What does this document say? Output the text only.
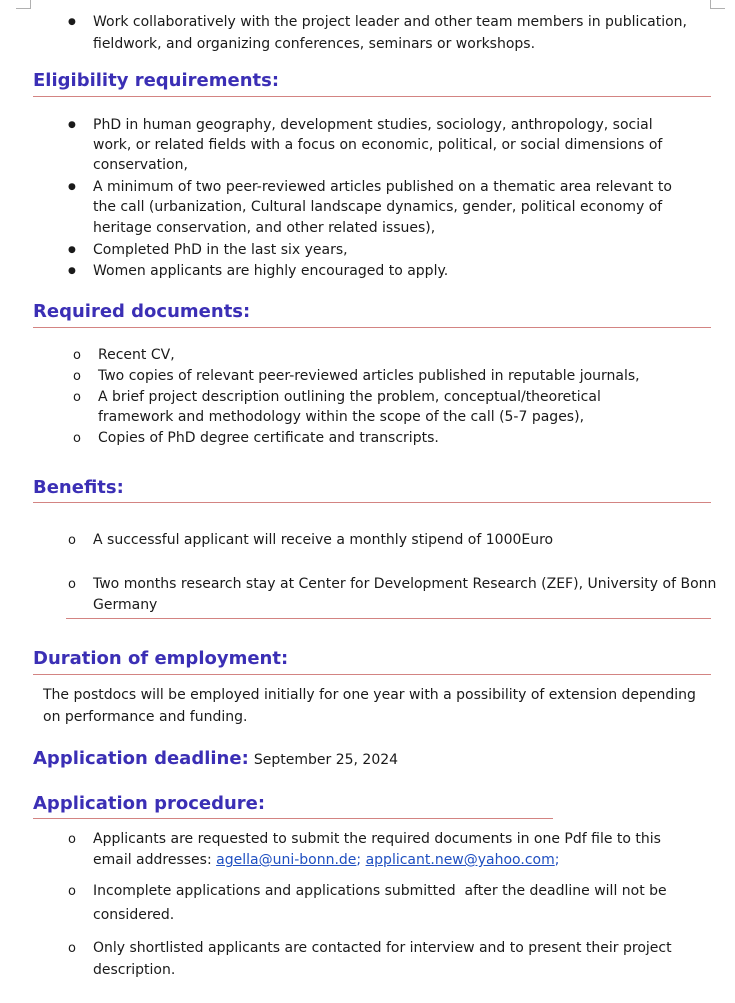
●
Work collaboratively with the project leader and other team members in publication,
fieldwork, and organizing conferences, seminars or workshops.
Eligibility requirements:
●
PhD in human geography, development studies, sociology, anthropology, social
work, or related fields with a focus on economic, political, or social dimensions of
conservation,
●
A minimum of two peer-reviewed articles published on a thematic area relevant to
the call (urbanization, Cultural landscape dynamics, gender, political economy of
heritage conservation, and other related issues),
●
Completed PhD in the last six years,
●
Women applicants are highly encouraged to apply.
Required documents:
o
Recent CV,
o
Two copies of relevant peer-reviewed articles published in reputable journals,
o
A brief project description outlining the problem, conceptual/theoretical
framework and methodology within the scope of the call (5-7 pages),
o
Copies of PhD degree certificate and transcripts.
Benefits:
o
A successful applicant will receive a monthly stipend of 1000Euro
o
Two months research stay at Center for Development Research (ZEF), University of Bonn
Germany
Duration of employment:
The postdocs will be employed initially for one year with a possibility of extension depending
on performance and funding.
Application deadline: September 25, 2024
Application procedure:
o
Applicants are requested to submit the required documents in one Pdf file to this
email addresses: agella@uni-bonn.de; applicant.new@yahoo.com;
o
Incomplete applications and applications submitted  after the deadline will not be
considered.
o
Only shortlisted applicants are contacted for interview and to present their project
description.
